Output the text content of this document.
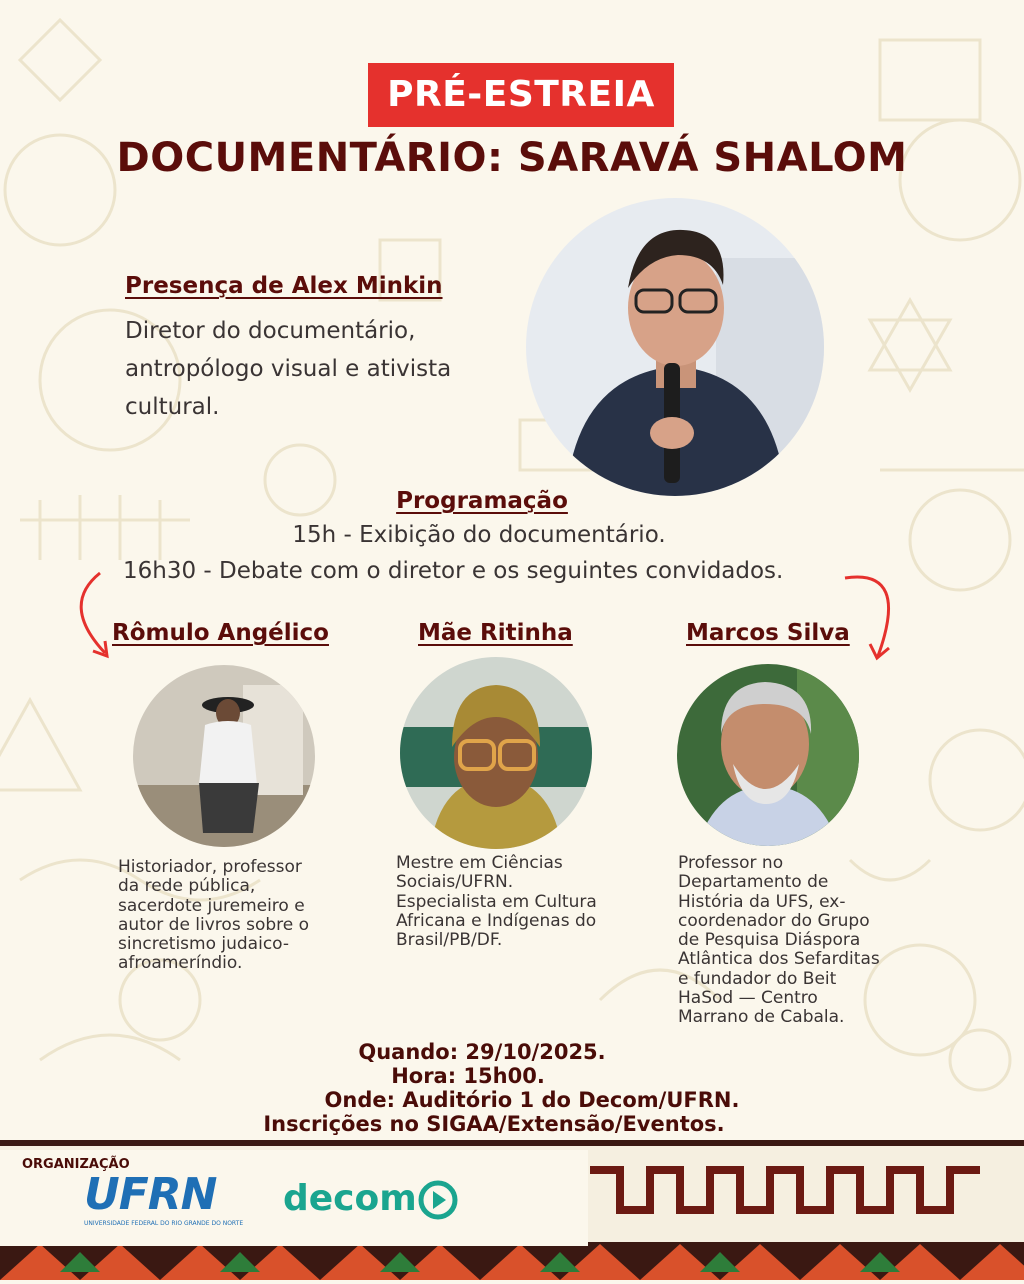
PRÉ-ESTREIA
DOCUMENTÁRIO: SARAVÁ SHALOM
Presença de Alex Minkin
Diretor do documentário,
antropólogo visual e ativista
cultural.
Programação
15h - Exibição do documentário.
16h30 - Debate com o diretor e os seguintes convidados.
Rômulo Angélico	Mãe Ritinha	Marcos Silva
Historiador, professor
da rede pública,
sacerdote juremeiro e
autor de livros sobre o
sincretismo judaico-
afroameríndio.
Mestre em Ciências
Sociais/UFRN.
Especialista em Cultura
Africana e Indígenas do
Brasil/PB/DF.
Professor no
Departamento de
História da UFS, ex-
coordenador do Grupo
de Pesquisa Diáspora
Atlântica dos Sefarditas
e fundador do Beit
HaSod — Centro
Marrano de Cabala.
Quando: 29/10/2025.
Hora: 15h00.
Onde: Auditório 1 do Decom/UFRN.
Inscrições no SIGAA/Extensão/Eventos.
ORGANIZAÇÃO
UFRN
UNIVERSIDADE FEDERAL DO RIO GRANDE DO NORTE
decom
